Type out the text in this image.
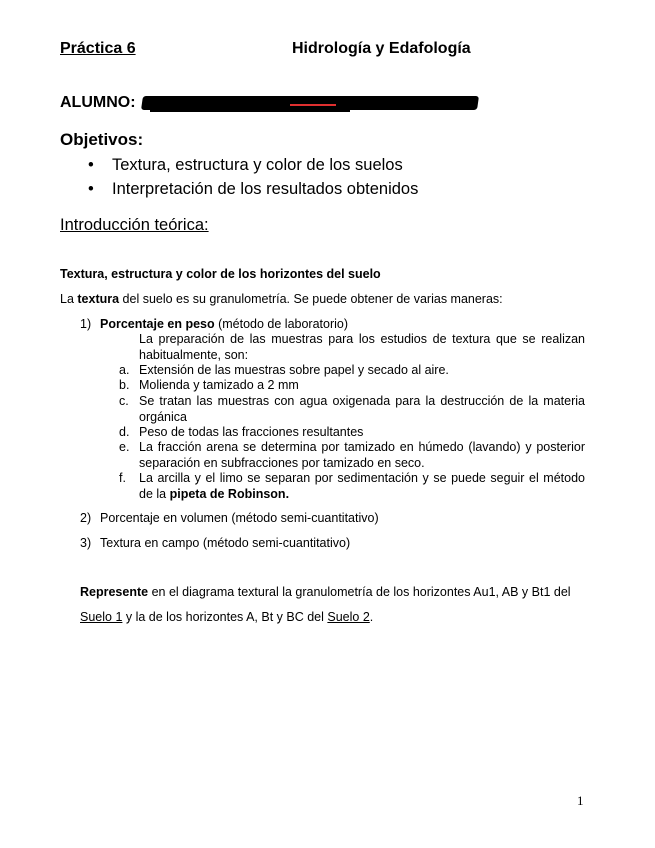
Práctica 6	Hidrología y Edafología
ALUMNO:
Objetivos:
• Textura, estructura y color de los suelos
• Interpretación de los resultados obtenidos
Introducción teórica:
Textura, estructura y color de los horizontes del suelo
La textura del suelo es su granulometría. Se puede obtener de varias maneras:
1) Porcentaje en peso (método de laboratorio)
La preparación de las muestras para los estudios de textura que se realizan habitualmente, son:
a. Extensión de las muestras sobre papel y secado al aire.
b. Molienda y tamizado a 2 mm
c. Se tratan las muestras con agua oxigenada para la destrucción de la materia orgánica
d. Peso de todas las fracciones resultantes
e. La fracción arena se determina por tamizado en húmedo (lavando) y posterior separación en subfracciones por tamizado en seco.
f. La arcilla y el limo se separan por sedimentación y se puede seguir el método de la pipeta de Robinson.
2) Porcentaje en volumen (método semi-cuantitativo)
3) Textura en campo (método semi-cuantitativo)
Represente en el diagrama textural la granulometría de los horizontes Au1, AB y Bt1 del
Suelo 1 y la de los horizontes A, Bt y BC del Suelo 2.
1
